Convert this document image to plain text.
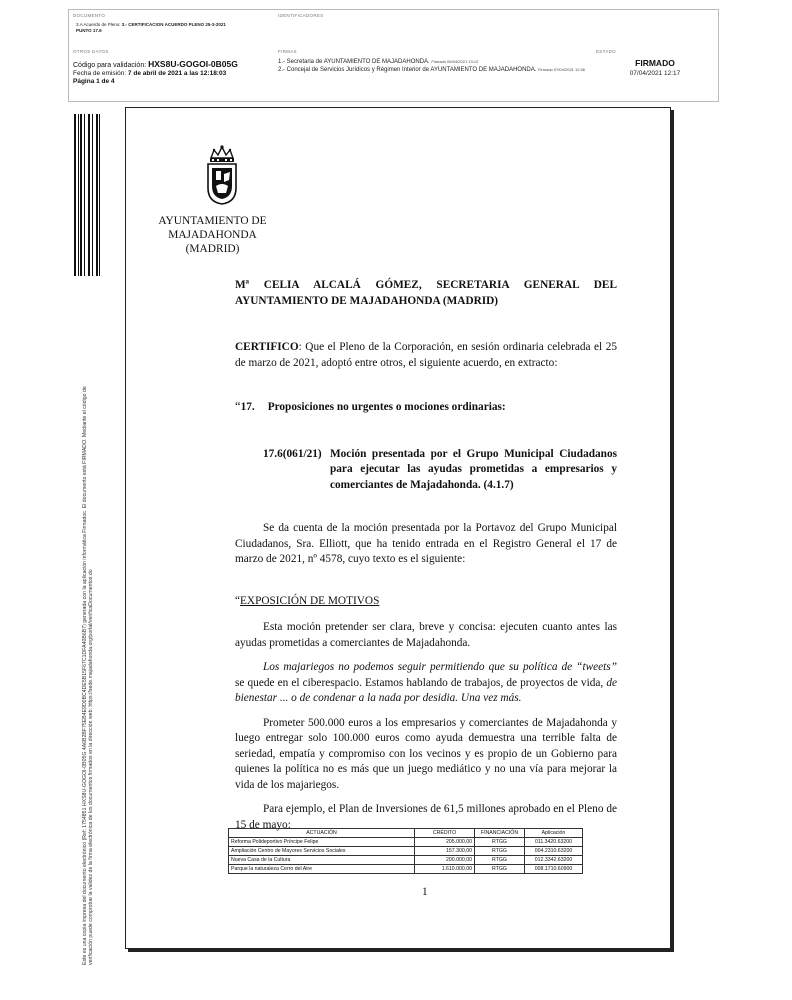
DOCUMENTO
3.A Acuerdo de Pleno: 3.- CERTIFICACION ACUERDO PLENO 25-3-2021
PUNTO 17.6
IDENTIFICADORES
OTROS DATOS
Código para validación: HXS8U-GOGOI-0B05G
Fecha de emisión: 7 de abril de 2021 a las 12:18:03
Página 1 de 4
FIRMAS
1.- Secretaria de AYUNTAMIENTO DE MAJADAHONDA. Firmado 06/04/2021 13:12
2.- Concejal de Servicios Jurídicos y Régimen Interior de AYUNTAMIENTO DE MAJADAHONDA. Firmado 07/04/2021 12:06
ESTADO
FIRMADO
07/04/2021 12:17
Este es una copia impresa del documento electrónico (Ref: 1754851 HXS8U-GOGOI-0B05G 4A6B2BF75EB4E9D0BC4DE5B15F67C1DFA40B6B7) generada con la aplicación informática Firmadoc. El documento está FIRMADO. Mediante el código de verificación puede comprobar la validez de la firma electrónica de los documentos firmados en la dirección web: https://sede.majadahonda.org/portal/verificaDocumentos.do
AYUNTAMIENTO DE
MAJADAHONDA
(MADRID)
Mª CELIA ALCALÁ GÓMEZ, SECRETARIA GENERAL DEL
AYUNTAMIENTO DE MAJADAHONDA (MADRID)

CERTIFICO: Que el Pleno de la Corporación, en sesión ordinaria celebrada el 25 de marzo de 2021, adoptó entre otros, el siguiente acuerdo, en extracto:

“17. Proposiciones no urgentes o mociones ordinarias:
17.6(061/21) Moción presentada por el Grupo Municipal Ciudadanos para ejecutar las ayudas prometidas a empresarios y comerciantes de Majadahonda. (4.1.7)

Se da cuenta de la moción presentada por la Portavoz del Grupo Municipal Ciudadanos, Sra. Elliott, que ha tenido entrada en el Registro General el 17 de marzo de 2021, nº 4578, cuyo texto es el siguiente:

“EXPOSICIÓN DE MOTIVOS

Esta moción pretender ser clara, breve y concisa: ejecuten cuanto antes las ayudas prometidas a comerciantes de Majadahonda.

Los majariegos no podemos seguir permitiendo que su política de “tweets” se quede en el ciberespacio. Estamos hablando de trabajos, de proyectos de vida, de bienestar ... o de condenar a la nada por desidia. Una vez más.

Prometer 500.000 euros a los empresarios y comerciantes de Majadahonda y luego entregar solo 100.000 euros como ayuda demuestra una terrible falta de seriedad, empatía y compromiso con los vecinos y es propio de un Gobierno para quienes la política no es más que un juego mediático y no una vía para mejorar la vida de los majariegos.

Para ejemplo, el Plan de Inversiones de 61,5 millones aprobado en el Pleno de 15 de mayo:

ACTUACIÓN	CRÉDITO	FINANCIACIÓN	Aplicación
Reforma Polideportivo Príncipe Felipe	205.000,00	RTGG	011.3420.63200
Ampliación Centro de Mayores Servicios Sociales	157.300,00	RTGG	004.2310.63200
Nueva Casa de la Cultura	200.000,00	RTGG	012.3342.63200
Parque la naturaleza Cerro del Aire	1.610.000,00	RTGG	008.1710.60900
1
